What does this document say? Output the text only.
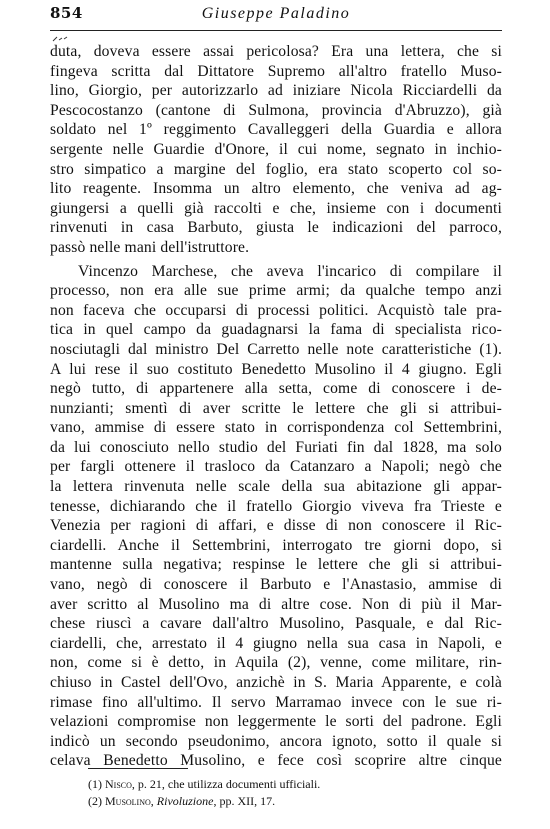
854	Giuseppe Paladino
duta, doveva essere assai pericolosa? Era una lettera, che si
fingeva scritta dal Dittatore Supremo all'altro fratello Muso-
lino, Giorgio, per autorizzarlo ad iniziare Nicola Ricciardelli da
Pescocostanzo (cantone di Sulmona, provincia d'Abruzzo), già
soldato nel 1º reggimento Cavalleggeri della Guardia e allora
sergente nelle Guardie d'Onore, il cui nome, segnato in inchio-
stro simpatico a margine del foglio, era stato scoperto col so-
lito reagente. Insomma un altro elemento, che veniva ad ag-
giungersi a quelli già raccolti e che, insieme con i documenti
rinvenuti in casa Barbuto, giusta le indicazioni del parroco,
passò nelle mani dell'istruttore.
Vincenzo Marchese, che aveva l'incarico di compilare il
processo, non era alle sue prime armi; da qualche tempo anzi
non faceva che occuparsi di processi politici. Acquistò tale pra-
tica in quel campo da guadagnarsi la fama di specialista rico-
nosciutagli dal ministro Del Carretto nelle note caratteristiche (1).
A lui rese il suo costituto Benedetto Musolino il 4 giugno. Egli
negò tutto, di appartenere alla setta, come di conoscere i de-
nunzianti; smentì di aver scritte le lettere che gli si attribui-
vano, ammise di essere stato in corrispondenza col Settembrini,
da lui conosciuto nello studio del Furiati fin dal 1828, ma solo
per fargli ottenere il trasloco da Catanzaro a Napoli; negò che
la lettera rinvenuta nelle scale della sua abitazione gli appar-
tenesse, dichiarando che il fratello Giorgio viveva fra Trieste e
Venezia per ragioni di affari, e disse di non conoscere il Ric-
ciardelli. Anche il Settembrini, interrogato tre giorni dopo, si
mantenne sulla negativa; respinse le lettere che gli si attribui-
vano, negò di conoscere il Barbuto e l'Anastasio, ammise di
aver scritto al Musolino ma di altre cose. Non di più il Mar-
chese riuscì a cavare dall'altro Musolino, Pasquale, e dal Ric-
ciardelli, che, arrestato il 4 giugno nella sua casa in Napoli, e
non, come si è detto, in Aquila (2), venne, come militare, rin-
chiuso in Castel dell'Ovo, anzichè in S. Maria Apparente, e colà
rimase fino all'ultimo. Il servo Marramao invece con le sue ri-
velazioni compromise non leggermente le sorti del padrone. Egli
indicò un secondo pseudonimo, ancora ignoto, sotto il quale si
celava Benedetto Musolino, e fece così scoprire altre cinque
(1) Nisco, p. 21, che utilizza documenti ufficiali.
(2) Musolino, Rivoluzione, pp. XII, 17.
